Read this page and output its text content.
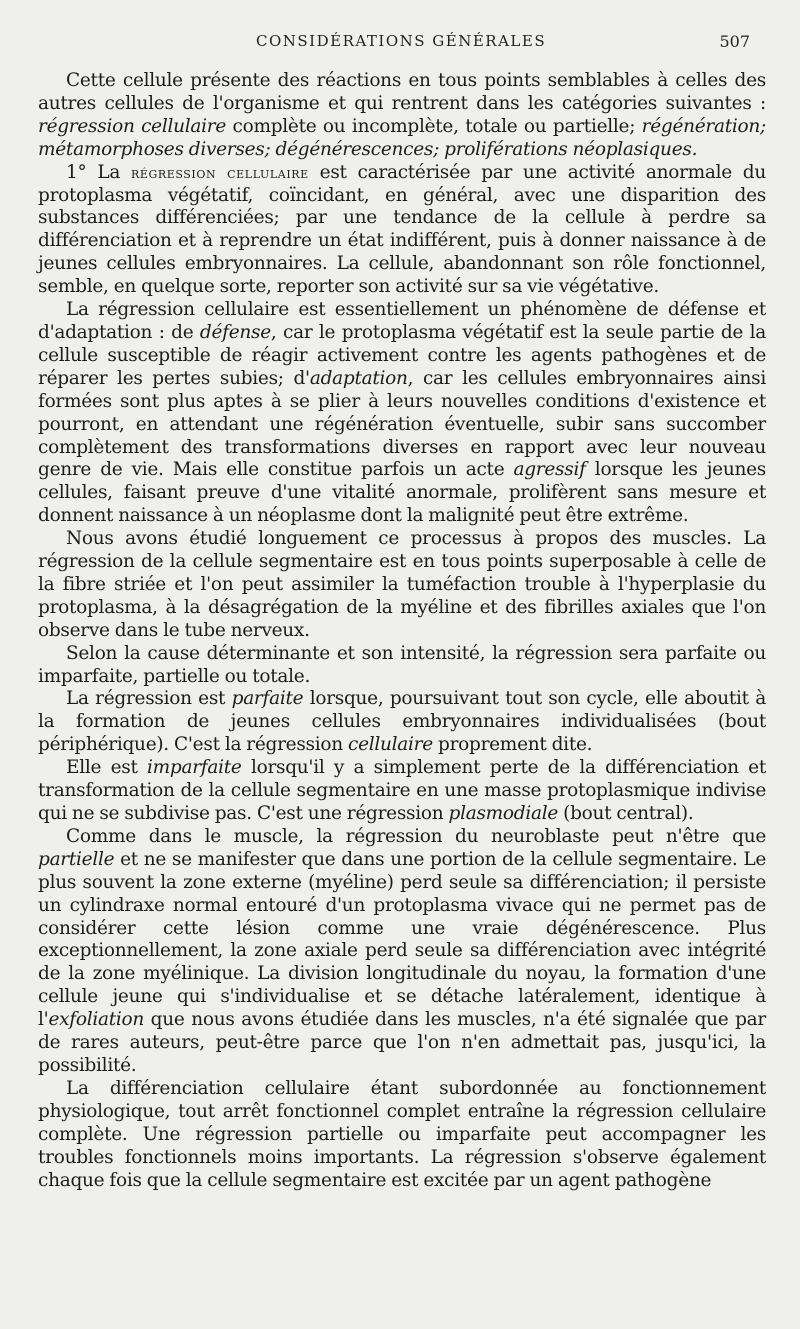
CONSIDÉRATIONS GÉNÉRALES	507

Cette cellule présente des réactions en tous points semblables à celles des autres cellules de l'organisme et qui rentrent dans les catégories suivantes : régression cellulaire complète ou incomplète, totale ou partielle; régénération; métamorphoses diverses; dégénérescences; proliférations néoplasiques.

1° La régression cellulaire est caractérisée par une activité anormale du protoplasma végétatif, coïncidant, en général, avec une disparition des substances différenciées; par une tendance de la cellule à perdre sa différenciation et à reprendre un état indifférent, puis à donner naissance à de jeunes cellules embryonnaires. La cellule, abandonnant son rôle fonctionnel, semble, en quelque sorte, reporter son activité sur sa vie végétative.

La régression cellulaire est essentiellement un phénomène de défense et d'adaptation : de défense, car le protoplasma végétatif est la seule partie de la cellule susceptible de réagir activement contre les agents pathogènes et de réparer les pertes subies; d'adaptation, car les cellules embryonnaires ainsi formées sont plus aptes à se plier à leurs nouvelles conditions d'existence et pourront, en attendant une régénération éventuelle, subir sans succomber complètement des transformations diverses en rapport avec leur nouveau genre de vie. Mais elle constitue parfois un acte agressif lorsque les jeunes cellules, faisant preuve d'une vitalité anormale, prolifèrent sans mesure et donnent naissance à un néoplasme dont la malignité peut être extrême.

Nous avons étudié longuement ce processus à propos des muscles. La régression de la cellule segmentaire est en tous points superposable à celle de la fibre striée et l'on peut assimiler la tuméfaction trouble à l'hyperplasie du protoplasma, à la désagrégation de la myéline et des fibrilles axiales que l'on observe dans le tube nerveux.

Selon la cause déterminante et son intensité, la régression sera parfaite ou imparfaite, partielle ou totale.

La régression est parfaite lorsque, poursuivant tout son cycle, elle aboutit à la formation de jeunes cellules embryonnaires individualisées (bout périphérique). C'est la régression cellulaire proprement dite.

Elle est imparfaite lorsqu'il y a simplement perte de la différenciation et transformation de la cellule segmentaire en une masse protoplasmique indivise qui ne se subdivise pas. C'est une régression plasmodiale (bout central).

Comme dans le muscle, la régression du neuroblaste peut n'être que partielle et ne se manifester que dans une portion de la cellule segmentaire. Le plus souvent la zone externe (myéline) perd seule sa différenciation; il persiste un cylindraxe normal entouré d'un protoplasma vivace qui ne permet pas de considérer cette lésion comme une vraie dégénérescence. Plus exceptionnellement, la zone axiale perd seule sa différenciation avec intégrité de la zone myélinique. La division longitudinale du noyau, la formation d'une cellule jeune qui s'individualise et se détache latéralement, identique à l'exfoliation que nous avons étudiée dans les muscles, n'a été signalée que par de rares auteurs, peut-être parce que l'on n'en admettait pas, jusqu'ici, la possibilité.

La différenciation cellulaire étant subordonnée au fonctionnement physiologique, tout arrêt fonctionnel complet entraîne la régression cellulaire complète. Une régression partielle ou imparfaite peut accompagner les troubles fonctionnels moins importants. La régression s'observe également chaque fois que la cellule segmentaire est excitée par un agent pathogène
